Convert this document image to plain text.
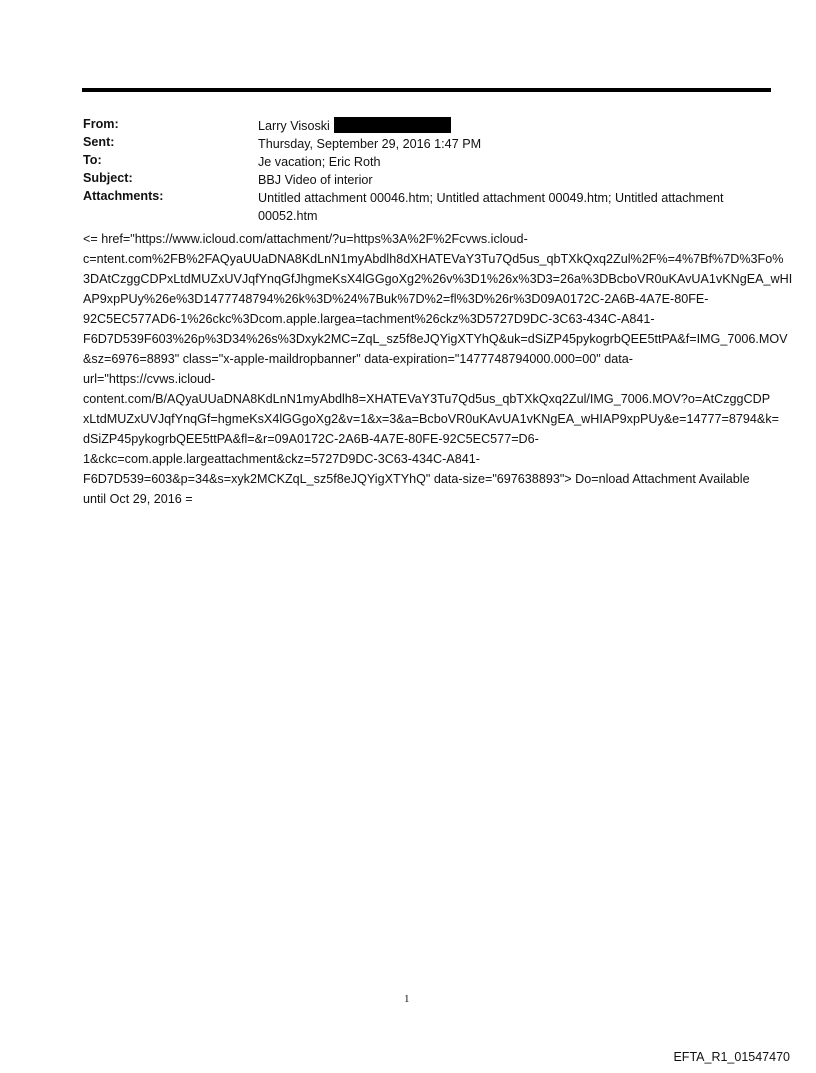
From:	Larry Visoski
Sent:	Thursday, September 29, 2016 1:47 PM
To:	Je vacation; Eric Roth
Subject:	BBJ Video of interior
Attachments:	Untitled attachment 00046.htm; Untitled attachment 00049.htm; Untitled attachment 00052.htm
<= href="https://www.icloud.com/attachment/?u=https%3A%2F%2Fcvws.icloud-
c=ntent.com%2FB%2FAQyaUUaDNA8KdLnN1myAbdlh8dXHATEVaY3Tu7Qd5us_qbTXkQxq2Zul%2F%=4%7Bf%7D%3Fo%
3DAtCzggCDPxLtdMUZxUVJqfYnqGfJhgmeKsX4lGGgoXg2%26v%3D1%26x%3D3=26a%3DBcboVR0uKAvUA1vKNgEA_wHI
AP9xpPUy%26e%3D1477748794%26k%3D%24%7Buk%7D%2=fl%3D%26r%3D09A0172C-2A6B-4A7E-80FE-
92C5EC577AD6-1%26ckc%3Dcom.apple.largea=tachment%26ckz%3D5727D9DC-3C63-434C-A841-
F6D7D539F603%26p%3D34%26s%3Dxyk2MC=ZqL_sz5f8eJQYigXTYhQ&uk=dSiZP45pykogrbQEE5ttPA&f=IMG_7006.MOV
&sz=6976=8893" class="x-apple-maildropbanner" data-expiration="1477748794000.000=00" data-
url="https://cvws.icloud-
content.com/B/AQyaUUaDNA8KdLnN1myAbdlh8=XHATEVaY3Tu7Qd5us_qbTXkQxq2Zul/IMG_7006.MOV?o=AtCzggCDP
xLtdMUZxUVJqfYnqGf=hgmeKsX4lGGgoXg2&v=1&x=3&a=BcboVR0uKAvUA1vKNgEA_wHIAP9xpPUy&e=14777=8794&k=
dSiZP45pykogrbQEE5ttPA&fl=&r=09A0172C-2A6B-4A7E-80FE-92C5EC577=D6-
1&ckc=com.apple.largeattachment&ckz=5727D9DC-3C63-434C-A841-
F6D7D539=603&p=34&s=xyk2MCKZqL_sz5f8eJQYigXTYhQ" data-size="697638893"> Do=nload Attachment Available
until Oct 29, 2016 =
1
EFTA_R1_01547470
